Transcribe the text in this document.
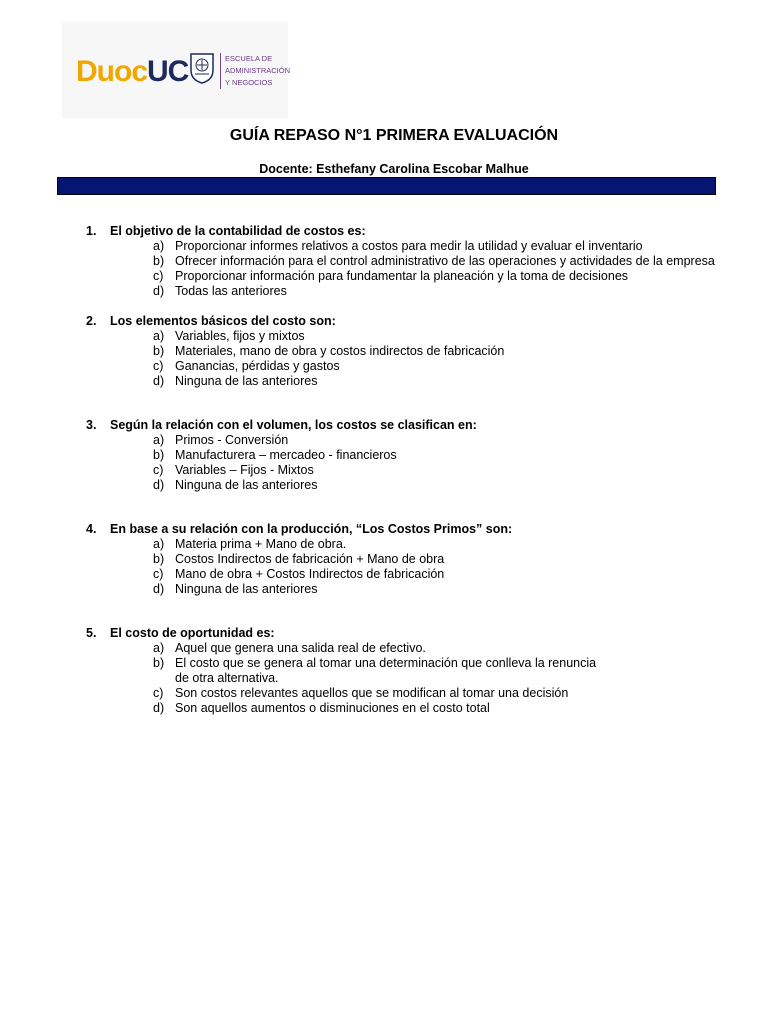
DuocUC	ESCUELA DE
ADMINISTRACIÓN
Y NEGOCIOS
GUÍA REPASO N°1 PRIMERA EVALUACIÓN
Docente: Esthefany Carolina Escobar Malhue
1. El objetivo de la contabilidad de costos es:
a) Proporcionar informes relativos a costos para medir la utilidad y evaluar el inventario
b) Ofrecer información para el control administrativo de las operaciones y actividades de la empresa
c) Proporcionar información para fundamentar la planeación y la toma de decisiones
d) Todas las anteriores
2. Los elementos básicos del costo son:
a) Variables, fijos y mixtos
b) Materiales, mano de obra y costos indirectos de fabricación
c) Ganancias, pérdidas y gastos
d) Ninguna de las anteriores
3. Según la relación con el volumen, los costos se clasifican en:
a) Primos - Conversión
b) Manufacturera – mercadeo - financieros
c) Variables – Fijos - Mixtos
d) Ninguna de las anteriores
4. En base a su relación con la producción, “Los Costos Primos” son:
a) Materia prima + Mano de obra.
b) Costos Indirectos de fabricación + Mano de obra
c) Mano de obra + Costos Indirectos de fabricación
d) Ninguna de las anteriores
5. El costo de oportunidad es:
a) Aquel que genera una salida real de efectivo.
b) El costo que se genera al tomar una determinación que conlleva la renuncia
de otra alternativa.
c) Son costos relevantes aquellos que se modifican al tomar una decisión
d) Son aquellos aumentos o disminuciones en el costo total
